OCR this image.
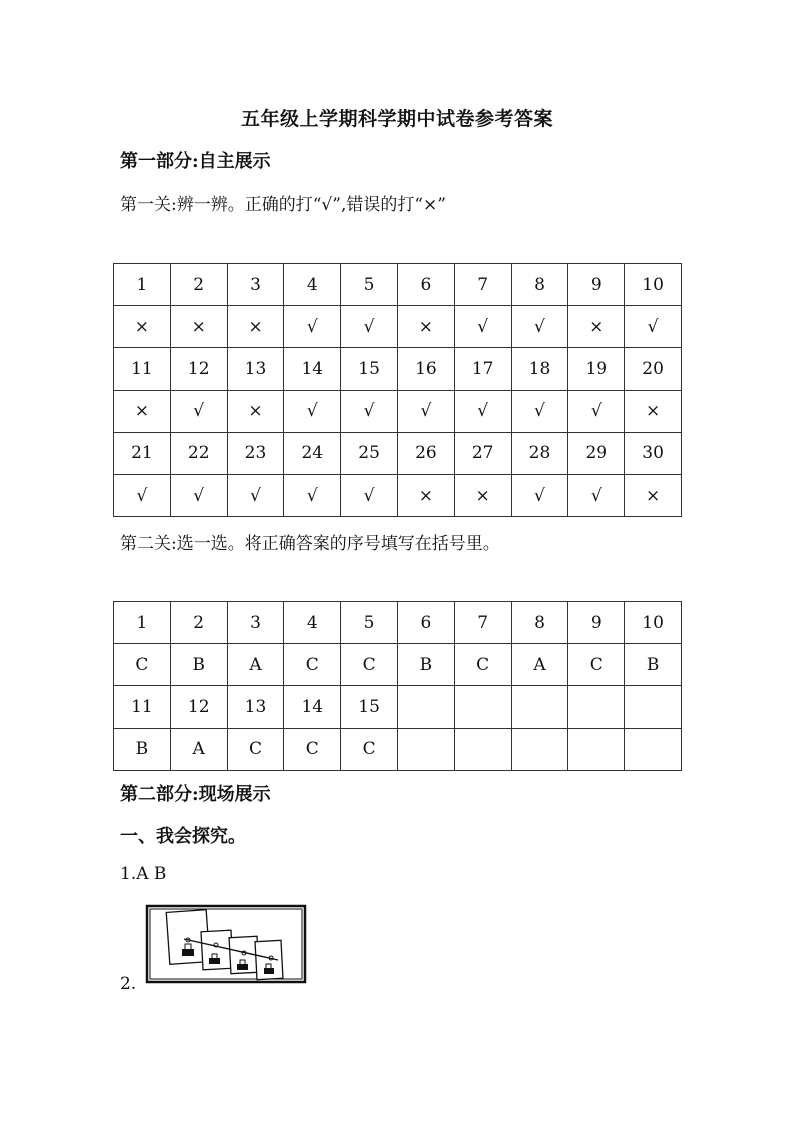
五年级上学期科学期中试卷参考答案
第一部分:自主展示
第一关:辨一辨。正确的打“√”,错误的打“×”
1	2	3	4	5	6	7	8	9	10
×	×	×	√	√	×	√	√	×	√
11	12	13	14	15	16	17	18	19	20
×	√	×	√	√	√	√	√	√	×
21	22	23	24	25	26	27	28	29	30
√	√	√	√	√	×	×	√	√	×
第二关:选一选。将正确答案的序号填写在括号里。
1	2	3	4	5	6	7	8	9	10
C	B	A	C	C	B	C	A	C	B
11	12	13	14	15					
B	A	C	C	C					
第二部分:现场展示
一、我会探究。
1.A B
2.
